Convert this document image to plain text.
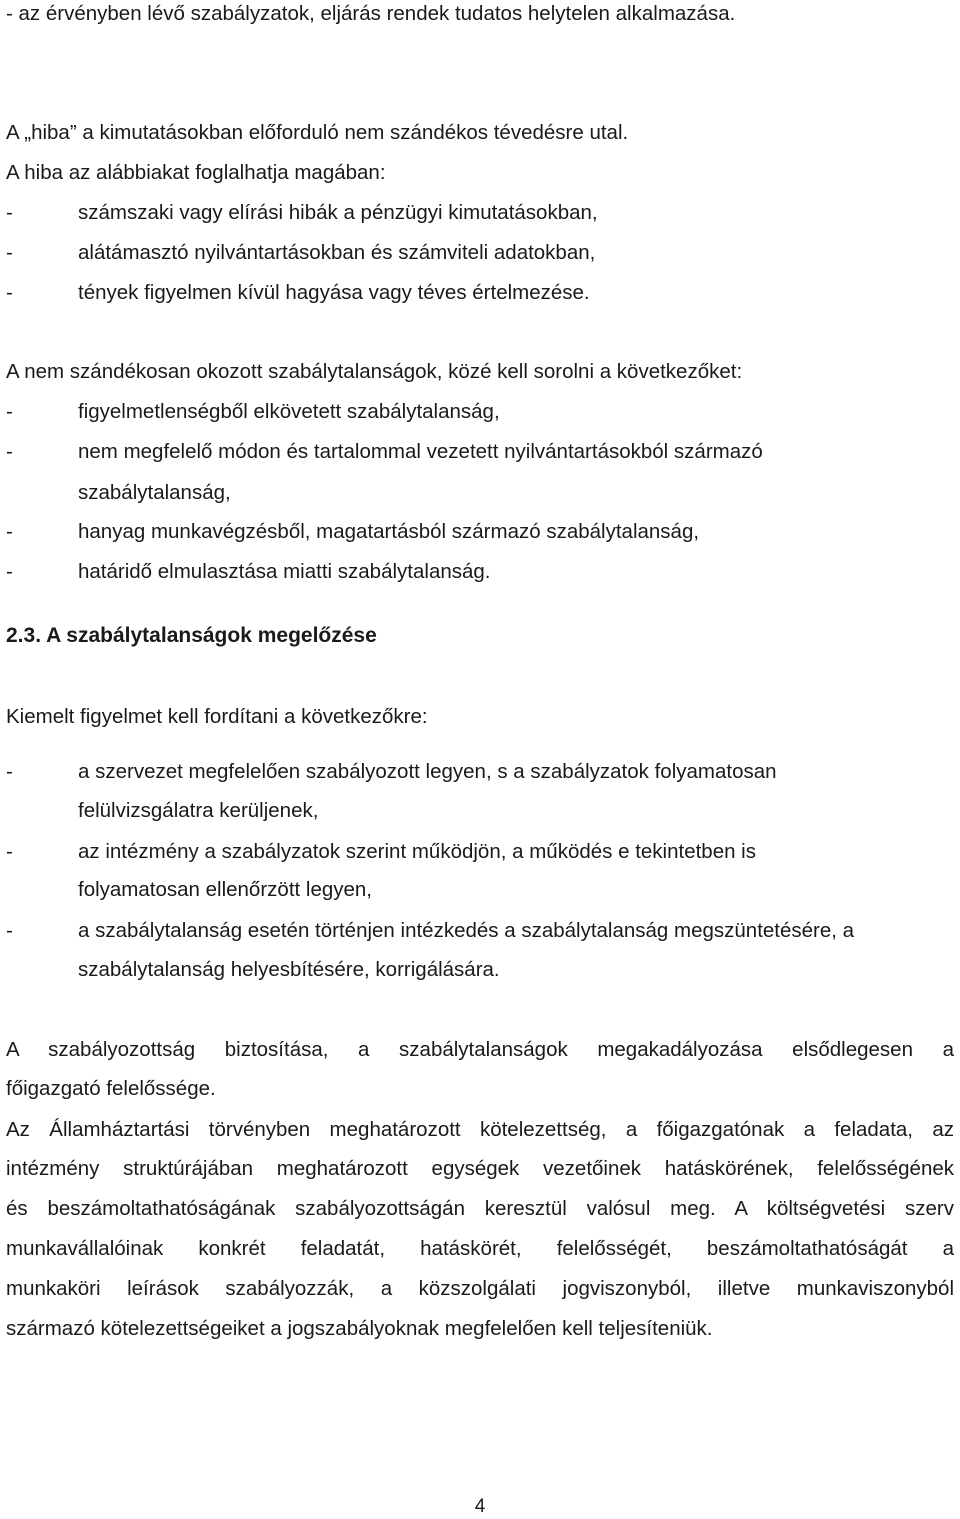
- az érvényben lévő szabályzatok, eljárás rendek tudatos helytelen alkalmazása.
A „hiba” a kimutatásokban előforduló nem szándékos tévedésre utal.
A hiba az alábbiakat foglalhatja magában:
-	számszaki vagy elírási hibák a pénzügyi kimutatásokban,
-	alátámasztó nyilvántartásokban és számviteli adatokban,
-	tények figyelmen kívül hagyása vagy téves értelmezése.
A nem szándékosan okozott szabálytalanságok, közé kell sorolni a következőket:
-	figyelmetlenségből elkövetett szabálytalanság,
-	nem megfelelő módon és tartalommal vezetett nyilvántartásokból származó
szabálytalanság,
-	hanyag munkavégzésből, magatartásból származó szabálytalanság,
-	határidő elmulasztása miatti szabálytalanság.
2.3. A szabálytalanságok megelőzése
Kiemelt figyelmet kell fordítani a következőkre:
-	a szervezet megfelelően szabályozott legyen, s a szabályzatok folyamatosan
felülvizsgálatra kerüljenek,
-	az intézmény a szabályzatok szerint működjön, a működés e tekintetben is
folyamatosan ellenőrzött legyen,
-	a szabálytalanság esetén történjen intézkedés a szabálytalanság megszüntetésére, a
szabálytalanság helyesbítésére, korrigálására.
A szabályozottság biztosítása, a szabálytalanságok megakadályozása elsődlegesen a
főigazgató felelőssége.
Az Államháztartási törvényben meghatározott kötelezettség, a főigazgatónak a feladata, az
intézmény struktúrájában meghatározott egységek vezetőinek hatáskörének, felelősségének
és beszámoltathatóságának szabályozottságán keresztül valósul meg. A költségvetési szerv
munkavállalóinak konkrét feladatát, hatáskörét, felelősségét, beszámoltathatóságát a
munkaköri leírások szabályozzák, a közszolgálati jogviszonyból, illetve munkaviszonyból
származó kötelezettségeiket a jogszabályoknak megfelelően kell teljesíteniük.
4
